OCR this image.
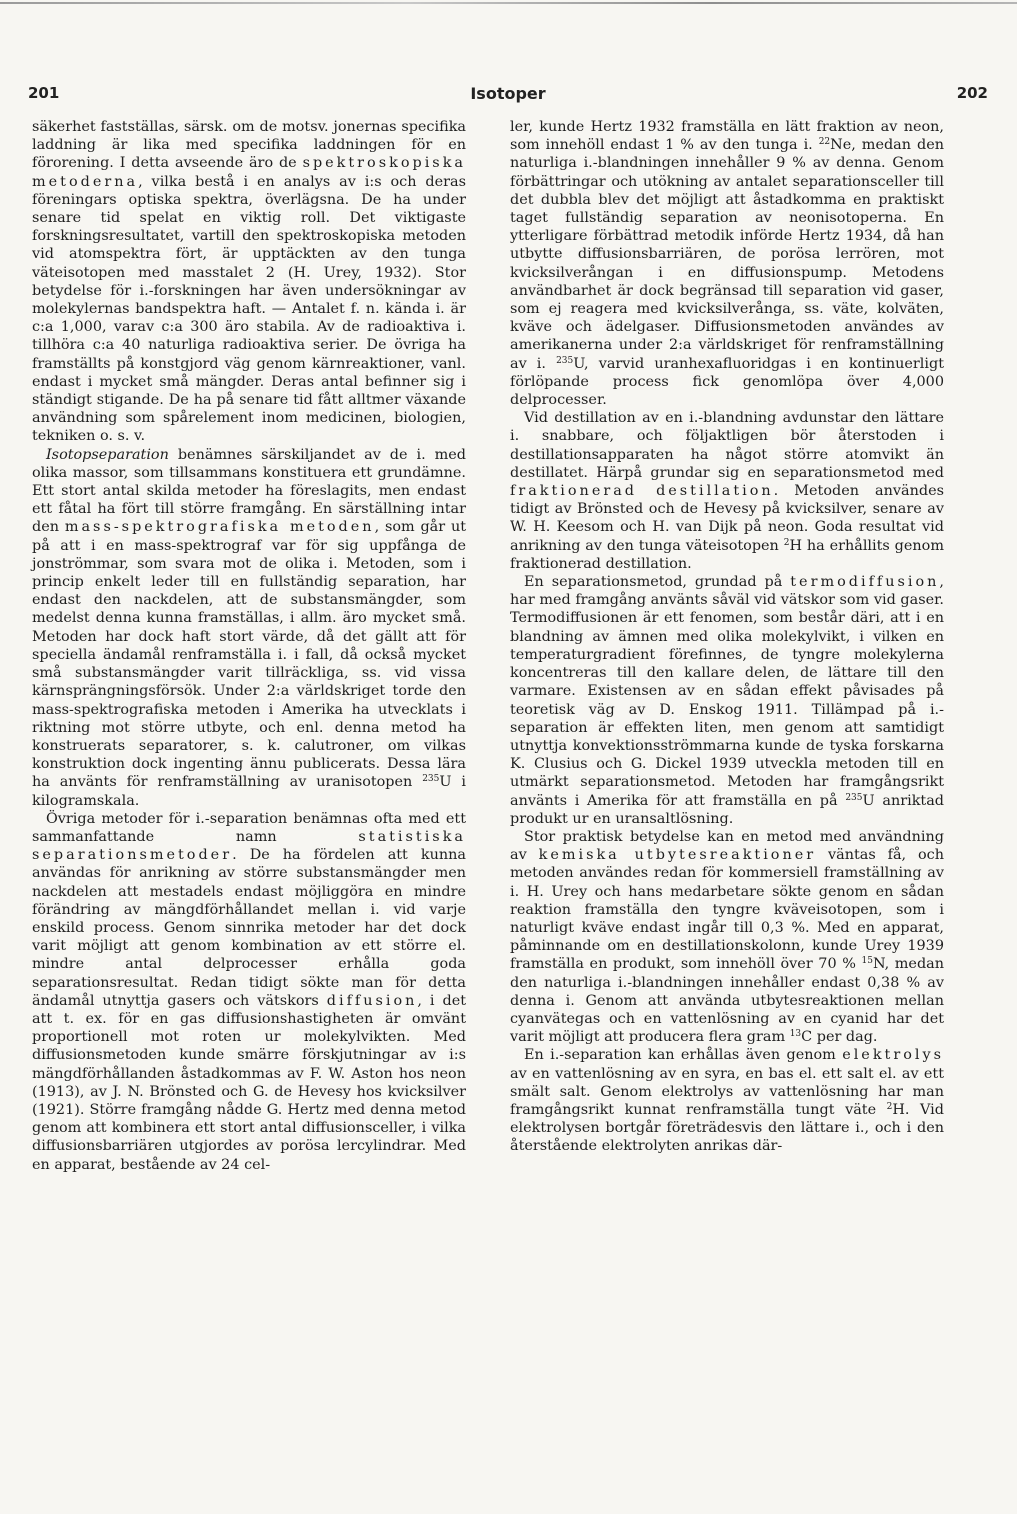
Isotoper
201	202

säkerhet fastställas, särsk. om de motsv. jonernas specifika laddning är lika med specifika laddningen för en förorening. I detta avseende äro de spektroskopiska metoderna, vilka bestå i en analys av i:s och deras föreningars optiska spektra, överlägsna. De ha under senare tid spelat en viktig roll. Det viktigaste forskningsresultatet, vartill den spektroskopiska metoden vid atomspektra fört, är upptäckten av den tunga väteisotopen med masstalet 2 (H. Urey, 1932). Stor betydelse för i.-forskningen har även undersökningar av molekylernas bandspektra haft. — Antalet f. n. kända i. är c:a 1,000, varav c:a 300 äro stabila. Av de radioaktiva i. tillhöra c:a 40 naturliga radioaktiva serier. De övriga ha framställts på konstgjord väg genom kärnreaktioner, vanl. endast i mycket små mängder. Deras antal befinner sig i ständigt stigande. De ha på senare tid fått alltmer växande användning som spårelement inom medicinen, biologien, tekniken o. s. v.

Isotopseparation benämnes särskiljandet av de i. med olika massor, som tillsammans konstituera ett grundämne. Ett stort antal skilda metoder ha föreslagits, men endast ett fåtal ha fört till större framgång. En särställning intar den mass-spektrografiska metoden, som går ut på att i en mass-spektrograf var för sig uppfånga de jonströmmar, som svara mot de olika i. Metoden, som i princip enkelt leder till en fullständig separation, har endast den nackdelen, att de substansmängder, som medelst denna kunna framställas, i allm. äro mycket små. Metoden har dock haft stort värde, då det gällt att för speciella ändamål renframställa i. i fall, då också mycket små substansmängder varit tillräckliga, ss. vid vissa kärnsprängningsförsök. Under 2:a världskriget torde den mass-spektrografiska metoden i Amerika ha utvecklats i riktning mot större utbyte, och enl. denna metod ha konstruerats separatorer, s. k. calutroner, om vilkas konstruktion dock ingenting ännu publicerats. Dessa lära ha använts för renframställning av uranisotopen $^{235}$U i kilogramskala.

Övriga metoder för i.-separation benämnas ofta med ett sammanfattande namn statistiska separationsmetoder. De ha fördelen att kunna användas för anrikning av större substansmängder men nackdelen att mestadels endast möjliggöra en mindre förändring av mängdförhållandet mellan i. vid varje enskild process. Genom sinnrika metoder har det dock varit möjligt att genom kombination av ett större el. mindre antal delprocesser erhålla goda separationsresultat. Redan tidigt sökte man för detta ändamål utnyttja gasers och vätskors diffusion, i det att t. ex. för en gas diffusionshastigheten är omvänt proportionell mot roten ur molekylvikten. Med diffusionsmetoden kunde smärre förskjutningar av i:s mängdförhållanden åstadkommas av F. W. Aston hos neon (1913), av J. N. Brönsted och G. de Hevesy hos kvicksilver (1921). Större framgång nådde G. Hertz med denna metod genom att kombinera ett stort antal diffusionsceller, i vilka diffusionsbarriären utgjordes av porösa lercylindrar. Med en apparat, bestående av 24 cel-

ler, kunde Hertz 1932 framställa en lätt fraktion av neon, som innehöll endast 1 % av den tunga i. $^{22}$Ne, medan den naturliga i.-blandningen innehåller 9 % av denna. Genom förbättringar och utökning av antalet separationsceller till det dubbla blev det möjligt att åstadkomma en praktiskt taget fullständig separation av neonisotoperna. En ytterligare förbättrad metodik införde Hertz 1934, då han utbytte diffusionsbarriären, de porösa lerrören, mot kvicksilverångan i en diffusionspump. Metodens användbarhet är dock begränsad till separation vid gaser, som ej reagera med kvicksilverånga, ss. väte, kolväten, kväve och ädelgaser. Diffusionsmetoden användes av amerikanerna under 2:a världskriget för renframställning av i. $^{235}$U, varvid uranhexafluoridgas i en kontinuerligt förlöpande process fick genomlöpa över 4,000 delprocesser.

Vid destillation av en i.-blandning avdunstar den lättare i. snabbare, och följaktligen bör återstoden i destillationsapparaten ha något större atomvikt än destillatet. Härpå grundar sig en separationsmetod med fraktionerad destillation. Metoden användes tidigt av Brönsted och de Hevesy på kvicksilver, senare av W. H. Keesom och H. van Dijk på neon. Goda resultat vid anrikning av den tunga väteisotopen $^2$H ha erhållits genom fraktionerad destillation.

En separationsmetod, grundad på termodiffusion, har med framgång använts såväl vid vätskor som vid gaser. Termodiffusionen är ett fenomen, som består däri, att i en blandning av ämnen med olika molekylvikt, i vilken en temperaturgradient förefinnes, de tyngre molekylerna koncentreras till den kallare delen, de lättare till den varmare. Existensen av en sådan effekt påvisades på teoretisk väg av D. Enskog 1911. Tillämpad på i.-separation är effekten liten, men genom att samtidigt utnyttja konvektionsströmmarna kunde de tyska forskarna K. Clusius och G. Dickel 1939 utveckla metoden till en utmärkt separationsmetod. Metoden har framgångsrikt använts i Amerika för att framställa en på $^{235}$U anriktad produkt ur en uransaltlösning.

Stor praktisk betydelse kan en metod med användning av kemiska utbytesreaktioner väntas få, och metoden användes redan för kommersiell framställning av i. H. Urey och hans medarbetare sökte genom en sådan reaktion framställa den tyngre kväveisotopen, som i naturligt kväve endast ingår till 0,3 %. Med en apparat, påminnande om en destillationskolonn, kunde Urey 1939 framställa en produkt, som innehöll över 70 % $^{15}$N, medan den naturliga i.-blandningen innehåller endast 0,38 % av denna i. Genom att använda utbytesreaktionen mellan cyanvätegas och en vattenlösning av en cyanid har det varit möjligt att producera flera gram $^{13}$C per dag.

En i.-separation kan erhållas även genom elektrolys av en vattenlösning av en syra, en bas el. ett salt el. av ett smält salt. Genom elektrolys av vattenlösning har man framgångsrikt kunnat renframställa tungt väte $^2$H. Vid elektrolysen bortgår företrädesvis den lättare i., och i den återstående elektrolyten anrikas där-
